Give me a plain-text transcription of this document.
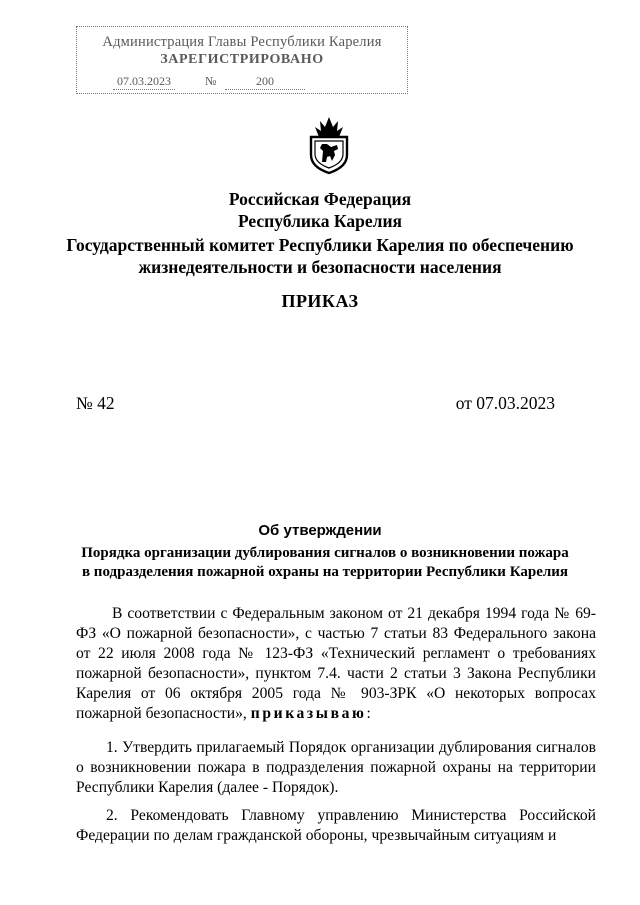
Администрация Главы Республики Карелия
ЗАРЕГИСТРИРОВАНО
07.03.2023	№	200
Российская Федерация
Республика Карелия
Государственный комитет Республики Карелия по обеспечению
жизнедеятельности и безопасности населения
ПРИКАЗ
№ 42	от 07.03.2023
Об утверждении
Порядка организации дублирования сигналов о возникновении пожара
в подразделения пожарной охраны на территории Республики Карелия
В соответствии с Федеральным законом от 21 декабря 1994 года № 69-ФЗ «О пожарной безопасности», с частью 7 статьи 83 Федерального закона от 22 июля 2008 года № 123-ФЗ «Технический регламент о требованиях пожарной безопасности», пунктом 7.4. части 2 статьи 3 Закона Республики Карелия от 06 октября 2005 года № 903-ЗРК «О некоторых вопросах пожарной безопасности», приказываю:
1. Утвердить прилагаемый Порядок организации дублирования сигналов о возникновении пожара в подразделения пожарной охраны на территории Республики Карелия (далее - Порядок).
2. Рекомендовать Главному управлению Министерства Российской Федерации по делам гражданской обороны, чрезвычайным ситуациям и
